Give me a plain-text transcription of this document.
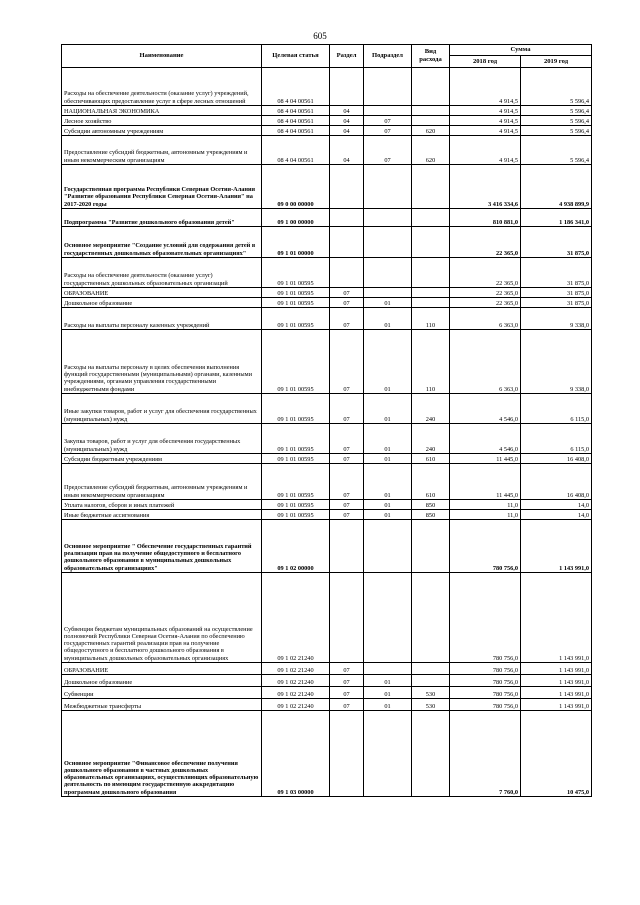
605
Наименование	Целевая статья	Раздел	Подраздел	Вид расхода	Сумма	
					2018 год	2019 год
Расходы на обеспечение деятельности (оказание услуг) учреждений, обеспечивающих предоставление услуг в сфере лесных отношений	08 4 04 00561				4 914,5	5 596,4
НАЦИОНАЛЬНАЯ ЭКОНОМИКА	08 4 04 00561	04			4 914,5	5 596,4
Лесное хозяйство	08 4 04 00561	04	07		4 914,5	5 596,4
Субсидии автономным учреждениям	08 4 04 00561	04	07	620	4 914,5	5 596,4
Предоставление субсидий бюджетным, автономным учреждениям и иным некоммерческим организациям	08 4 04 00561	04	07	620	4 914,5	5 596,4
Государственная программа Республики Северная Осетия-Алания "Развитие образования Республики Северная Осетия-Алания" на 2017-2020 годы	09 0 00 00000				3 416 334,6	4 938 899,9
Подпрограмма "Развитие дошкольного образования детей"	09 1 00 00000				810 881,0	1 186 341,0
Основное мероприятие "Создание условий для содержания детей в государственных дошкольных образовательных организациях"	09 1 01 00000				22 365,0	31 875,0
Расходы на обеспечение деятельности (оказание услуг) государственных дошкольных образовательных организаций	09 1 01 00595				22 365,0	31 875,0
ОБРАЗОВАНИЕ	09 1 01 00595	07			22 365,0	31 875,0
Дошкольное образование	09 1 01 00595	07	01		22 365,0	31 875,0
Расходы на выплаты персоналу казенных учреждений	09 1 01 00595	07	01	110	6 363,0	9 338,0
Расходы на выплаты персоналу в целях обеспечения выполнения функций государственными (муниципальными) органами, казенными учреждениями, органами управления государственными внебюджетными фондами	09 1 01 00595	07	01	110	6 363,0	9 338,0
Иные закупки товаров, работ и услуг для обеспечения государственных (муниципальных) нужд	09 1 01 00595	07	01	240	4 546,0	6 115,0
Закупка товаров, работ и услуг для обеспечения государственных (муниципальных) нужд	09 1 01 00595	07	01	240	4 546,0	6 115,0
Субсидии бюджетным учреждениям	09 1 01 00595	07	01	610	11 445,0	16 408,0
Предоставление субсидий бюджетным, автономным учреждениям и иным некоммерческим организациям	09 1 01 00595	07	01	610	11 445,0	16 408,0
Уплата налогов, сборов и иных платежей	09 1 01 00595	07	01	850	11,0	14,0
Иные бюджетные ассигнования	09 1 01 00595	07	01	850	11,0	14,0
Основное мероприятие " Обеспечение государственных гарантий реализации прав на получение общедоступного и бесплатного дошкольного образования в муниципальных дошкольных образовательных организациях"	09 1 02 00000				780 756,0	1 143 991,0
Субвенция бюджетам муниципальных образований на осуществление полномочий Республики Северная Осетия-Алания по обеспечению государственных гарантий реализации прав на получение общедоступного и бесплатного дошкольного образования в муниципальных дошкольных образовательных организациях	09 1 02 21240				780 756,0	1 143 991,0
ОБРАЗОВАНИЕ	09 1 02 21240	07			780 756,0	1 143 991,0
Дошкольное образование	09 1 02 21240	07	01		780 756,0	1 143 991,0
Субвенции	09 1 02 21240	07	01	530	780 756,0	1 143 991,0
Межбюджетные трансферты	09 1 02 21240	07	01	530	780 756,0	1 143 991,0
Основное мероприятие "Финансовое обеспечение получения дошкольного образования в частных дошкольных образовательных организациях, осуществляющих образовательную деятельность по имеющим государственную аккредитацию программам дошкольного образования	09 1 03 00000				7 760,0	10 475,0
